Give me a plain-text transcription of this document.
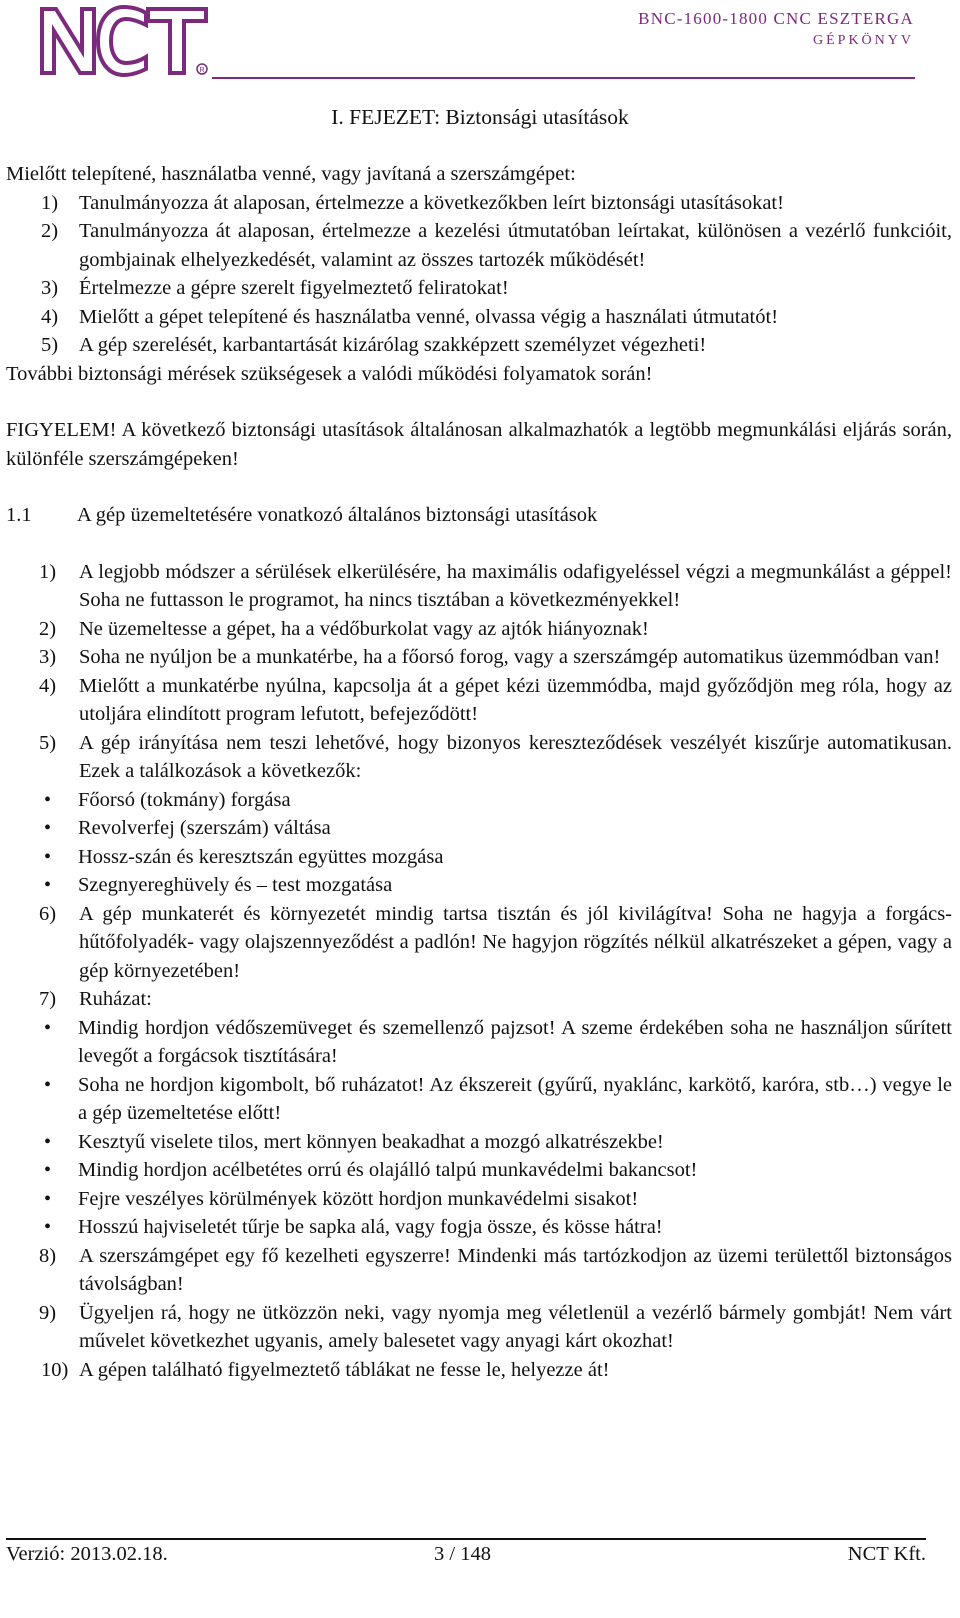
R
BNC-1600-1800 CNC ESZTERGA
GÉPKÖNYV
I. FEJEZET: Biztonsági utasítások

Mielőtt telepítené, használatba venné, vagy javítaná a szerszámgépet:

1) Tanulmányozza át alaposan, értelmezze a következőkben leírt biztonsági utasításokat!
2) Tanulmányozza át alaposan, értelmezze a kezelési útmutatóban leírtakat, különösen a vezérlő funkcióit, gombjainak elhelyezkedését, valamint az összes tartozék működését!
3) Értelmezze a gépre szerelt figyelmeztető feliratokat!
4) Mielőtt a gépet telepítené és használatba venné, olvassa végig a használati útmutatót!
5) A gép szerelését, karbantartását kizárólag szakképzett személyzet végezheti!

További biztonsági mérések szükségesek a valódi működési folyamatok során!

FIGYELEM! A következő biztonsági utasítások általánosan alkalmazhatók a legtöbb megmunkálási eljárás során, különféle szerszámgépeken!

1.1 A gép üzemeltetésére vonatkozó általános biztonsági utasítások

1) A legjobb módszer a sérülések elkerülésére, ha maximális odafigyeléssel végzi a megmunkálást a géppel! Soha ne futtasson le programot, ha nincs tisztában a következményekkel!
2) Ne üzemeltesse a gépet, ha a védőburkolat vagy az ajtók hiányoznak!
3) Soha ne nyúljon be a munkatérbe, ha a főorsó forog, vagy a szerszámgép automatikus üzemmódban van!
4) Mielőtt a munkatérbe nyúlna, kapcsolja át a gépet kézi üzemmódba, majd győződjön meg róla, hogy az utoljára elindított program lefutott, befejeződött!
5) A gép irányítása nem teszi lehetővé, hogy bizonyos kereszteződések veszélyét kiszűrje automatikusan. Ezek a találkozások a következők:
• Főorsó (tokmány) forgása
• Revolverfej (szerszám) váltása
• Hossz-szán és keresztszán együttes mozgása
• Szegnyereghüvely és – test mozgatása
6) A gép munkaterét és környezetét mindig tartsa tisztán és jól kivilágítva! Soha ne hagyja a forgács- hűtőfolyadék- vagy olajszennyeződést a padlón! Ne hagyjon rögzítés nélkül alkatrészeket a gépen, vagy a gép környezetében!
7) Ruházat:
• Mindig hordjon védőszemüveget és szemellenző pajzsot! A szeme érdekében soha ne használjon sűrített levegőt a forgácsok tisztítására!
• Soha ne hordjon kigombolt, bő ruházatot! Az ékszereit (gyűrű, nyaklánc, karkötő, karóra, stb…) vegye le a gép üzemeltetése előtt!
• Kesztyű viselete tilos, mert könnyen beakadhat a mozgó alkatrészekbe!
• Mindig hordjon acélbetétes orrú és olajálló talpú munkavédelmi bakancsot!
• Fejre veszélyes körülmények között hordjon munkavédelmi sisakot!
• Hosszú hajviseletét tűrje be sapka alá, vagy fogja össze, és kösse hátra!
8) A szerszámgépet egy fő kezelheti egyszerre! Mindenki más tartózkodjon az üzemi területtől biztonságos távolságban!
9) Ügyeljen rá, hogy ne ütközzön neki, vagy nyomja meg véletlenül a vezérlő bármely gombját! Nem várt művelet következhet ugyanis, amely balesetet vagy anyagi kárt okozhat!
10) A gépen található figyelmeztető táblákat ne fesse le, helyezze át!
Verzió: 2013.02.18.	3 / 148	NCT Kft.
